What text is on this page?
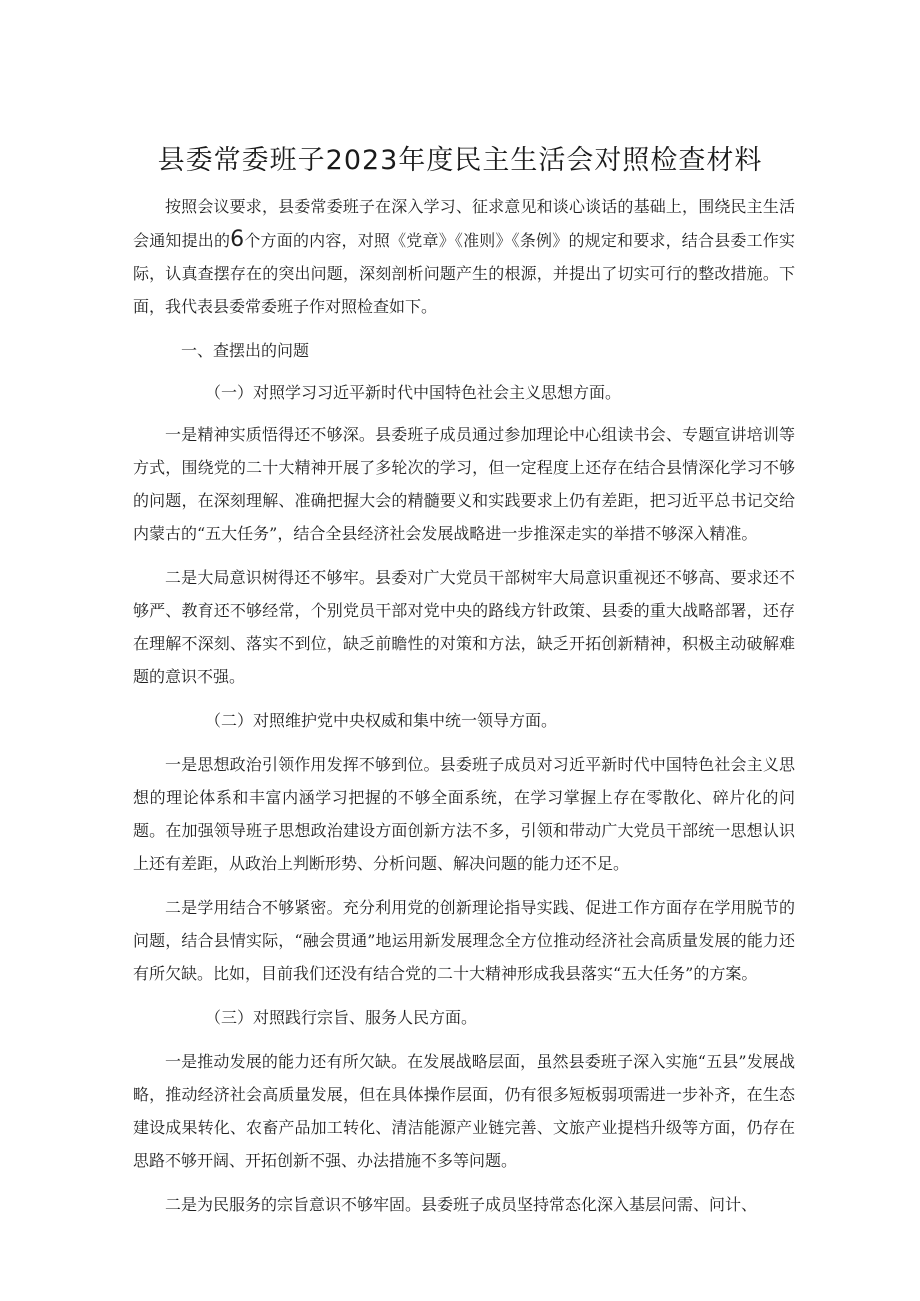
县委常委班子2023年度民主生活会对照检查材料

按照会议要求，县委常委班子在深入学习、征求意见和谈心谈话的基础上，围绕民主生活会通知提出的6个方面的内容，对照《党章》《准则》《条例》的规定和要求，结合县委工作实际，认真查摆存在的突出问题，深刻剖析问题产生的根源，并提出了切实可行的整改措施。下面，我代表县委常委班子作对照检查如下。

一、查摆出的问题

（一）对照学习习近平新时代中国特色社会主义思想方面。

一是精神实质悟得还不够深。县委班子成员通过参加理论中心组读书会、专题宣讲培训等方式，围绕党的二十大精神开展了多轮次的学习，但一定程度上还存在结合县情深化学习不够的问题，在深刻理解、准确把握大会的精髓要义和实践要求上仍有差距，把习近平总书记交给内蒙古的“五大任务”，结合全县经济社会发展战略进一步推深走实的举措不够深入精准。

二是大局意识树得还不够牢。县委对广大党员干部树牢大局意识重视还不够高、要求还不够严、教育还不够经常，个别党员干部对党中央的路线方针政策、县委的重大战略部署，还存在理解不深刻、落实不到位，缺乏前瞻性的对策和方法，缺乏开拓创新精神，积极主动破解难题的意识不强。

（二）对照维护党中央权威和集中统一领导方面。

一是思想政治引领作用发挥不够到位。县委班子成员对习近平新时代中国特色社会主义思想的理论体系和丰富内涵学习把握的不够全面系统，在学习掌握上存在零散化、碎片化的问题。在加强领导班子思想政治建设方面创新方法不多，引领和带动广大党员干部统一思想认识上还有差距，从政治上判断形势、分析问题、解决问题的能力还不足。

二是学用结合不够紧密。充分利用党的创新理论指导实践、促进工作方面存在学用脱节的问题，结合县情实际，“融会贯通”地运用新发展理念全方位推动经济社会高质量发展的能力还有所欠缺。比如，目前我们还没有结合党的二十大精神形成我县落实“五大任务”的方案。

（三）对照践行宗旨、服务人民方面。

一是推动发展的能力还有所欠缺。在发展战略层面，虽然县委班子深入实施“五县”发展战略，推动经济社会高质量发展，但在具体操作层面，仍有很多短板弱项需进一步补齐，在生态建设成果转化、农畜产品加工转化、清洁能源产业链完善、文旅产业提档升级等方面，仍存在思路不够开阔、开拓创新不强、办法措施不多等问题。

二是为民服务的宗旨意识不够牢固。县委班子成员坚持常态化深入基层问需、问计、
